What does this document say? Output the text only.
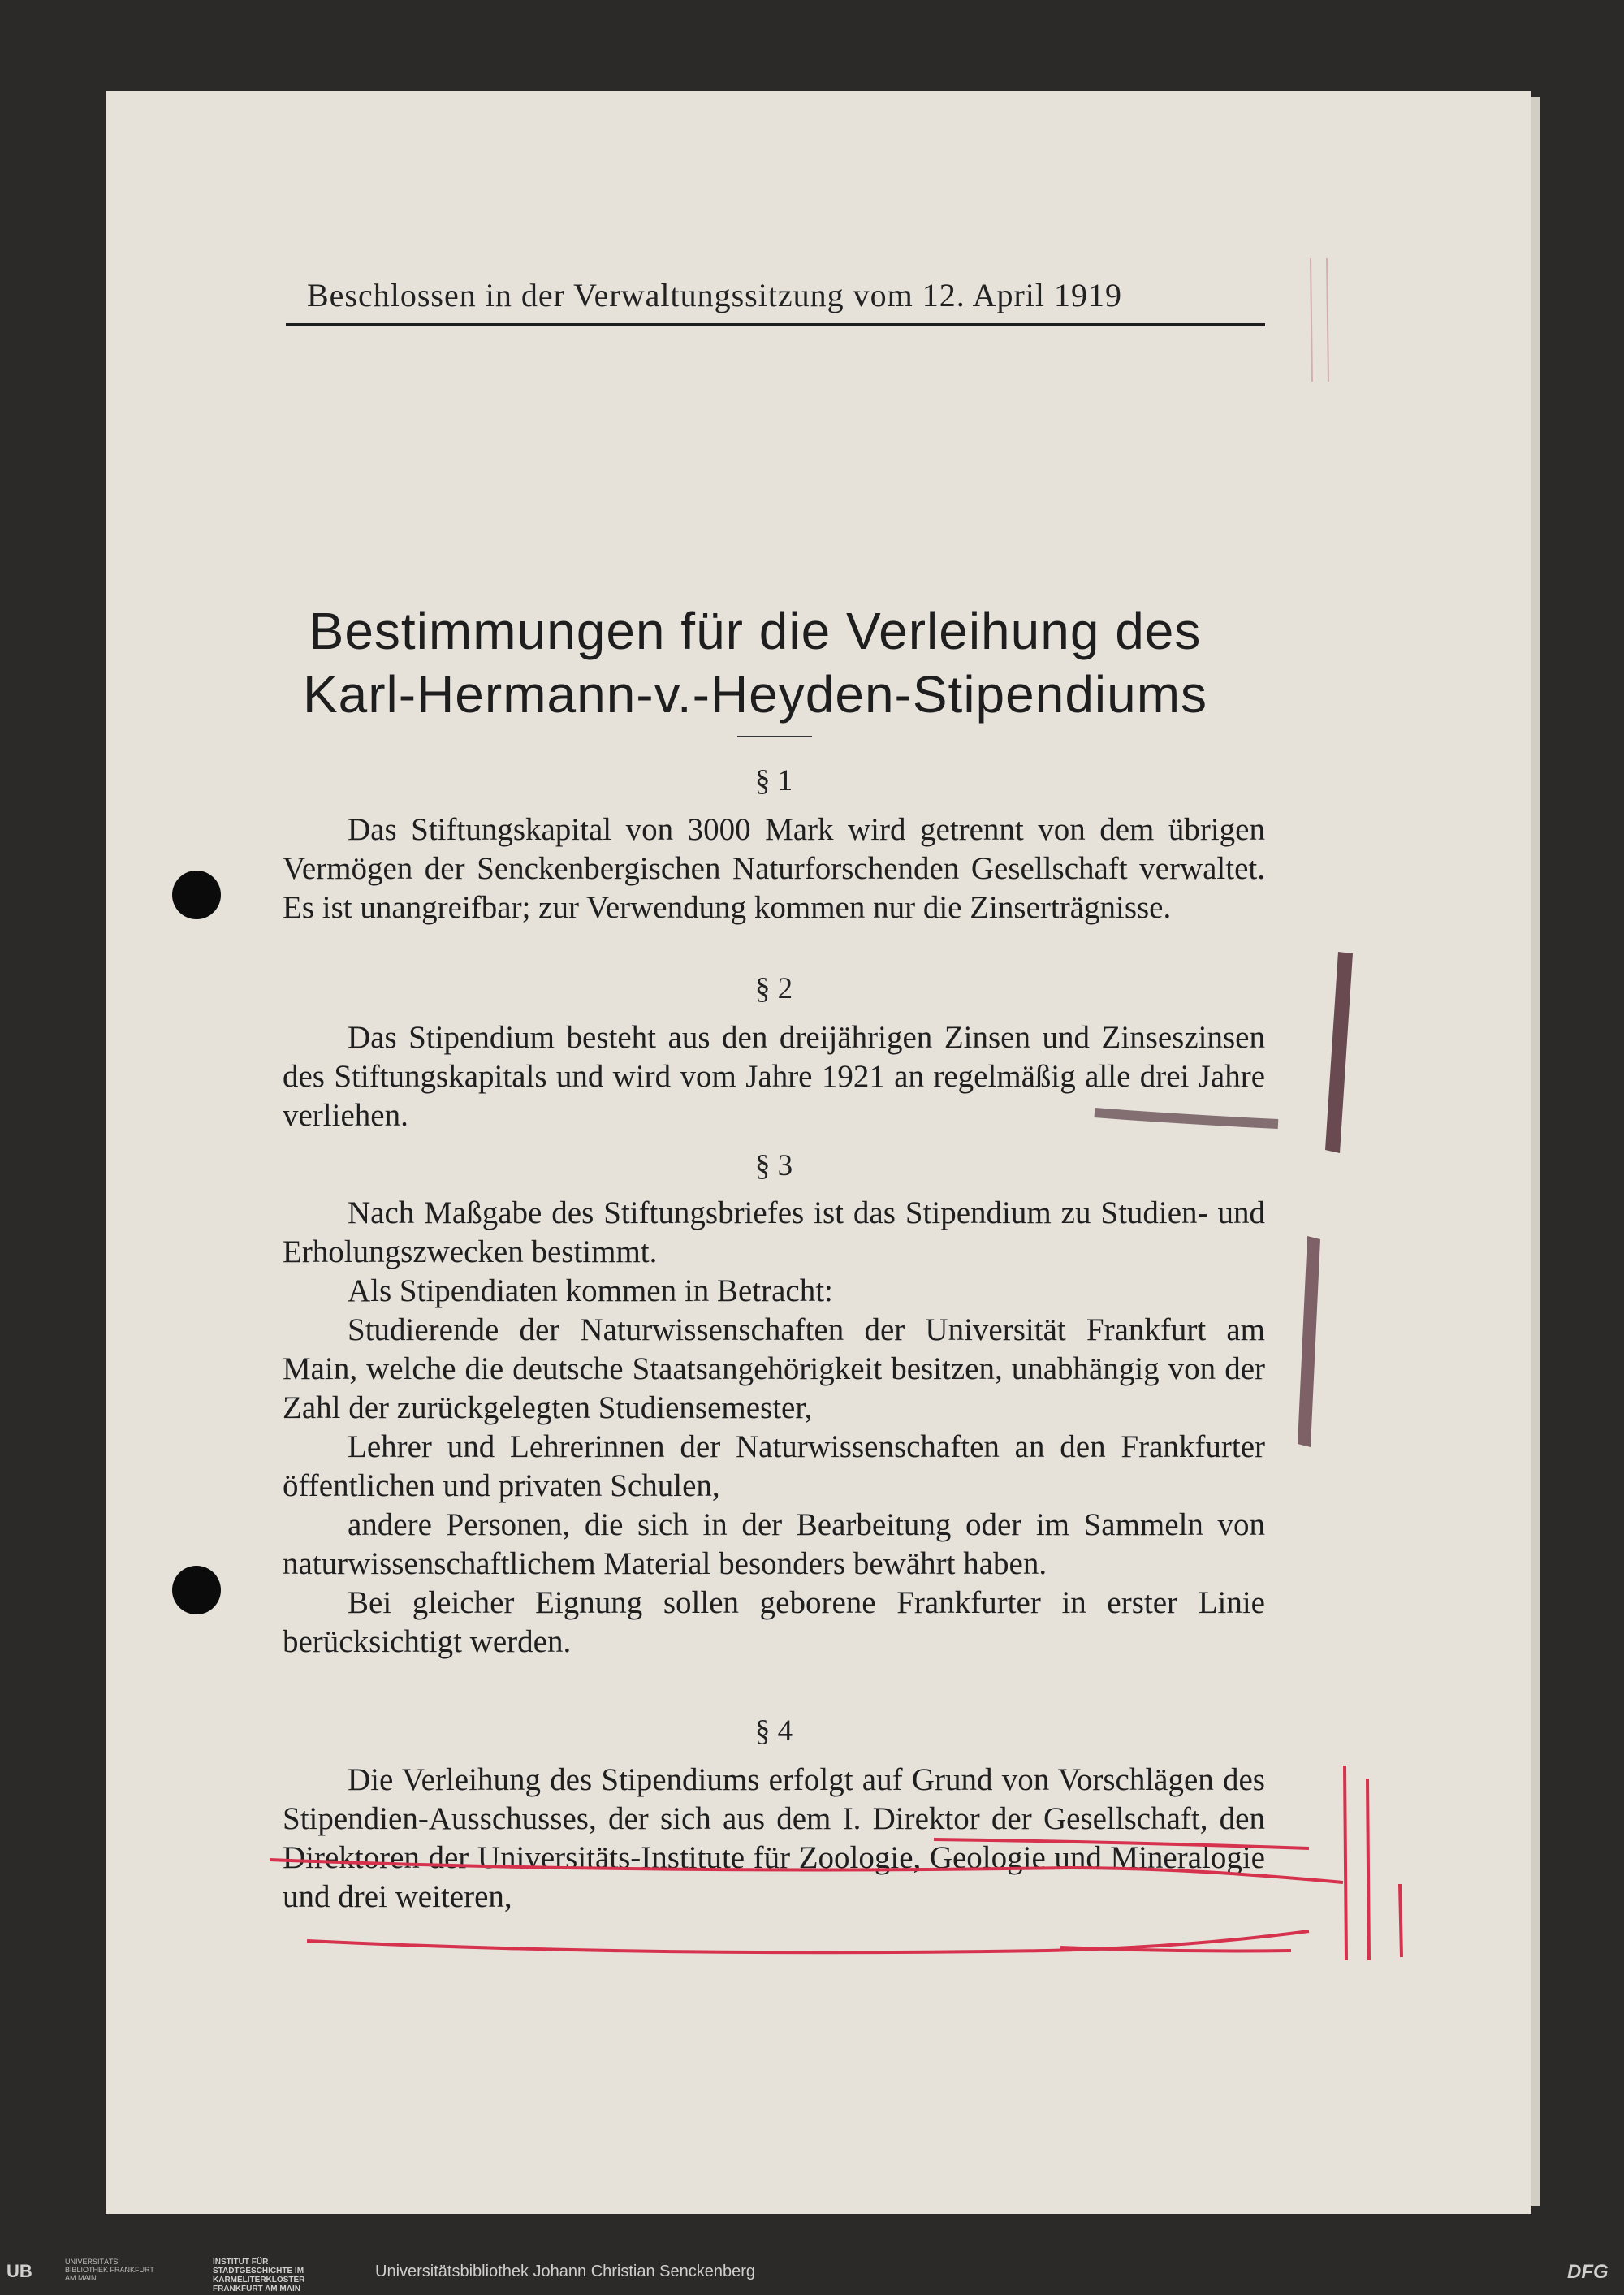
Beschlossen in der Verwaltungssitzung vom 12. April 1919
Bestimmungen für die Verleihung des
Karl-Hermann-v.-Heyden-Stipendiums
§ 1
Das Stiftungskapital von 3000 Mark wird getrennt von dem übrigen Vermögen der Senckenbergischen Naturforschenden Gesellschaft verwaltet. Es ist unangreifbar; zur Verwendung kommen nur die Zinserträgnisse.
§ 2
Das Stipendium besteht aus den dreijährigen Zinsen und Zinseszinsen des Stiftungskapitals und wird vom Jahre 1921 an regelmäßig alle drei Jahre verliehen.
§ 3
Nach Maßgabe des Stiftungsbriefes ist das Stipendium zu Studien- und Erholungszwecken bestimmt.
Als Stipendiaten kommen in Betracht:
Studierende der Naturwissenschaften der Universität Frankfurt am Main, welche die deutsche Staatsangehörigkeit besitzen, unabhängig von der Zahl der zurückgelegten Studiensemester,
Lehrer und Lehrerinnen der Naturwissenschaften an den Frankfurter öffentlichen und privaten Schulen,
andere Personen, die sich in der Bearbeitung oder im Sammeln von naturwissenschaftlichem Material besonders bewährt haben.
Bei gleicher Eignung sollen geborene Frankfurter in erster Linie berücksichtigt werden.
§ 4
Die Verleihung des Stipendiums erfolgt auf Grund von Vorschlägen des Stipendien-Ausschusses, der sich aus dem I. Direktor der Gesellschaft, den Direktoren der Universitäts-Institute für Zoologie, Geologie und Mineralogie und drei weiteren,
UB	UNIVERSITÄTS BIBLIOTHEK FRANKFURT AM MAIN
INSTITUT FÜR STADTGESCHICHTE IM KARMELITERKLOSTER FRANKFURT AM MAIN
Universitätsbibliothek Johann Christian Senckenberg	DFG
